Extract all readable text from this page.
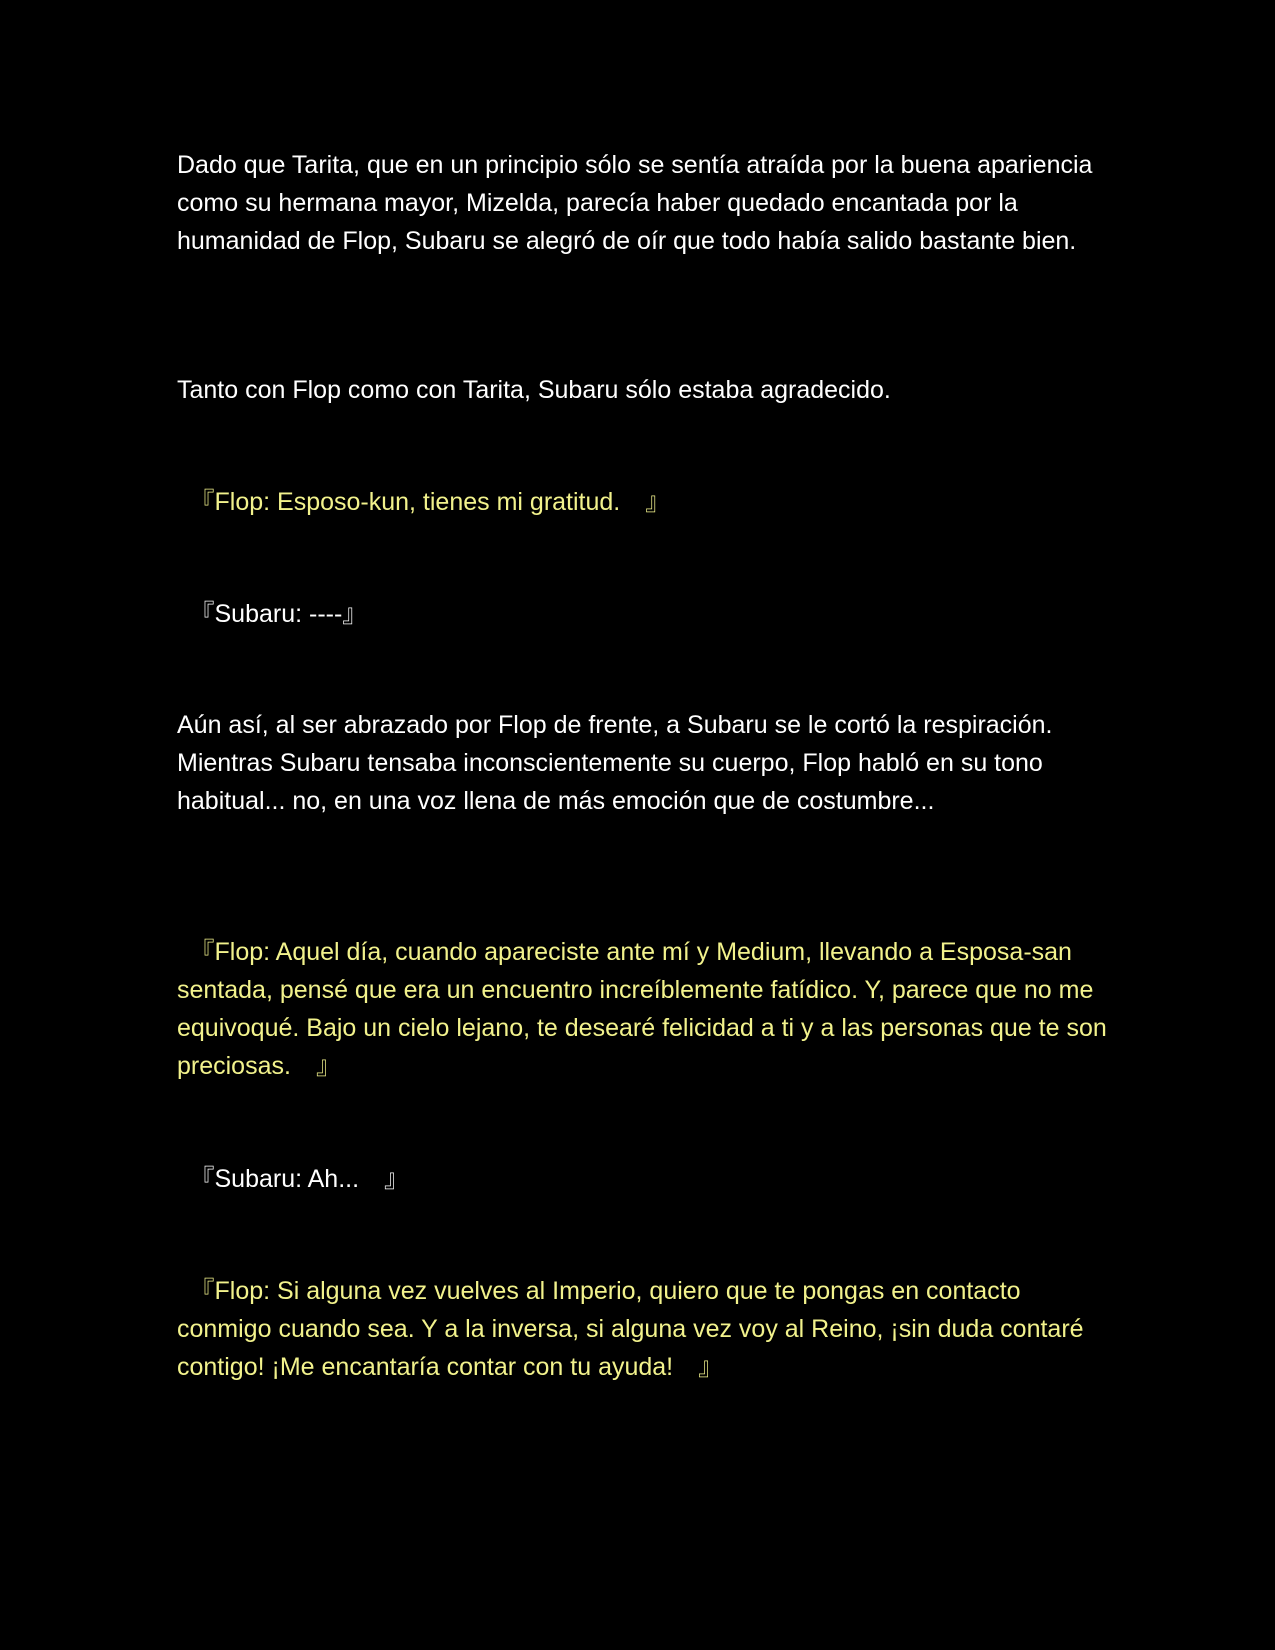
Dado que Tarita, que en un principio sólo se sentía atraída por la buena apariencia como su hermana mayor, Mizelda, parecía haber quedado encantada por la humanidad de Flop, Subaru se alegró de oír que todo había salido bastante bien.

Tanto con Flop como con Tarita, Subaru sólo estaba agradecido.

　『Flop: Esposo-kun, tienes mi gratitud.　』

　『Subaru: ----』

Aún así, al ser abrazado por Flop de frente, a Subaru se le cortó la respiración. Mientras Subaru tensaba inconscientemente su cuerpo, Flop habló en su tono habitual... no, en una voz llena de más emoción que de costumbre...

　『Flop: Aquel día, cuando apareciste ante mí y Medium, llevando a Esposa-san sentada, pensé que era un encuentro increíblemente fatídico. Y, parece que no me equivoqué. Bajo un cielo lejano, te desearé felicidad a ti y a las personas que te son preciosas.　』

　『Subaru: Ah...　』

　『Flop: Si alguna vez vuelves al Imperio, quiero que te pongas en contacto conmigo cuando sea. Y a la inversa, si alguna vez voy al Reino, ¡sin duda contaré contigo! ¡Me encantaría contar con tu ayuda!　』
